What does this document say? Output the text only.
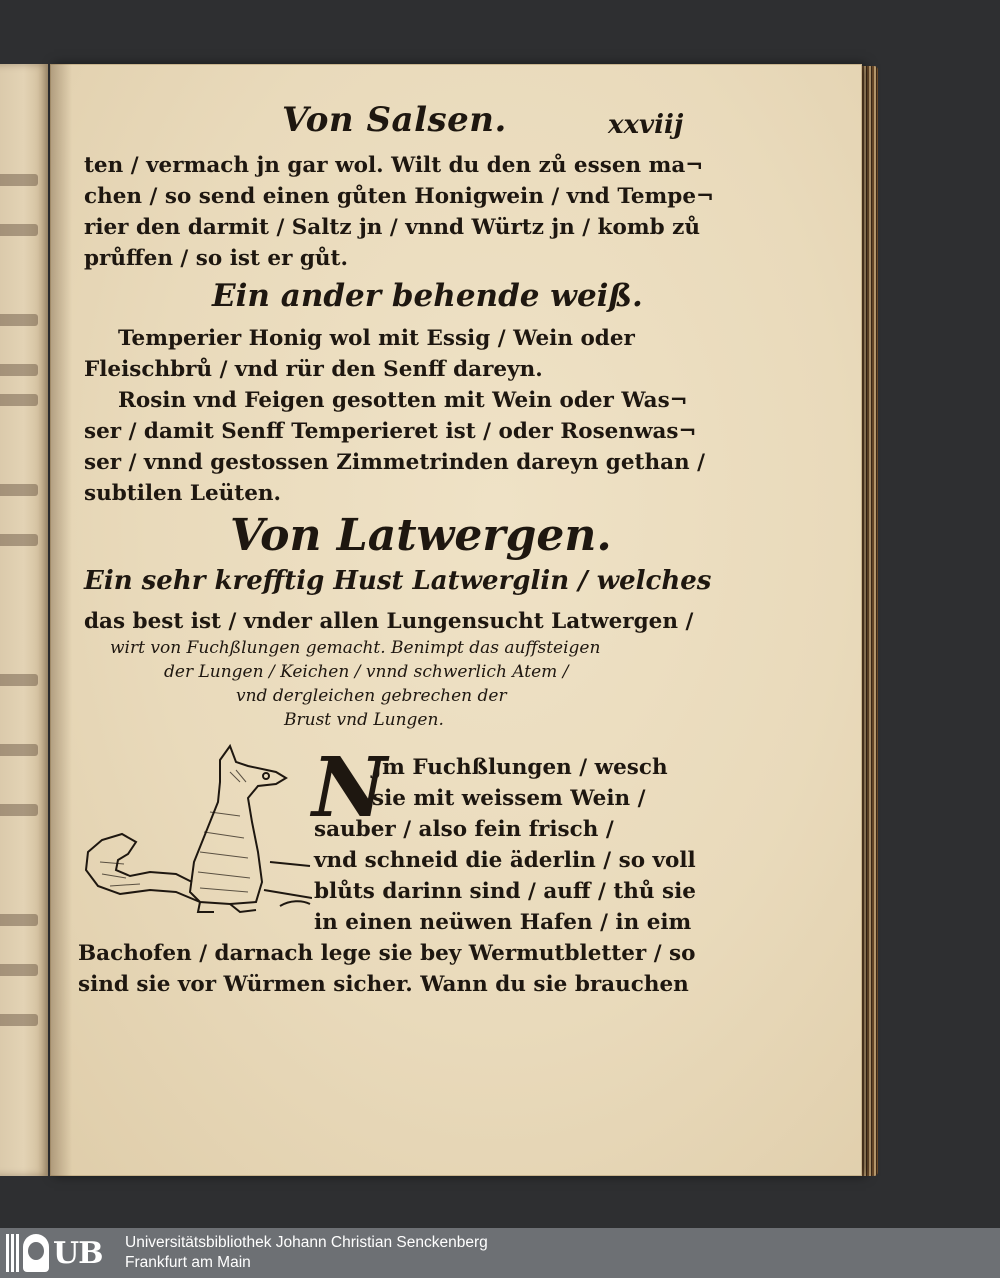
Von Salsen.	xxviij
ten / vermach jn gar wol. Wilt du den zů essen ma¬
chen / so send einen gůten Honigwein / vnd Tempe¬
rier den darmit / Saltz jn / vnnd Würtz jn / komb zů
průffen / so ist er gůt.
Ein ander behende weiß.
Temperier Honig wol mit Essig / Wein oder
Fleischbrů / vnd rür den Senff dareyn.
Rosin vnd Feigen gesotten mit Wein oder Was¬
ser / damit Senff Temperieret ist / oder Rosenwas¬
ser / vnnd gestossen Zimmetrinden dareyn gethan /
subtilen Leüten.
Von Latwergen.
Ein sehr krefftig Hust Latwerglin / welches
das best ist / vnder allen Lungensucht Latwergen /
wirt von Fuchßlungen gemacht. Benimpt das auffsteigen
der Lungen / Keichen / vnnd schwerlich Atem /
vnd dergleichen gebrechen der
Brust vnd Lungen.
N
Jm Fuchßlungen / wesch
sie mit weissem Wein /
sauber / also fein frisch /
vnd schneid die äderlin / so voll
blůts darinn sind / auff / thů sie
in einen neüwen Hafen / in eim
Bachofen / darnach lege sie bey Wermutbletter / so
sind sie vor Würmen sicher. Wann du sie brauchen
UB Universitätsbibliothek Johann Christian Senckenberg
Frankfurt am Main
